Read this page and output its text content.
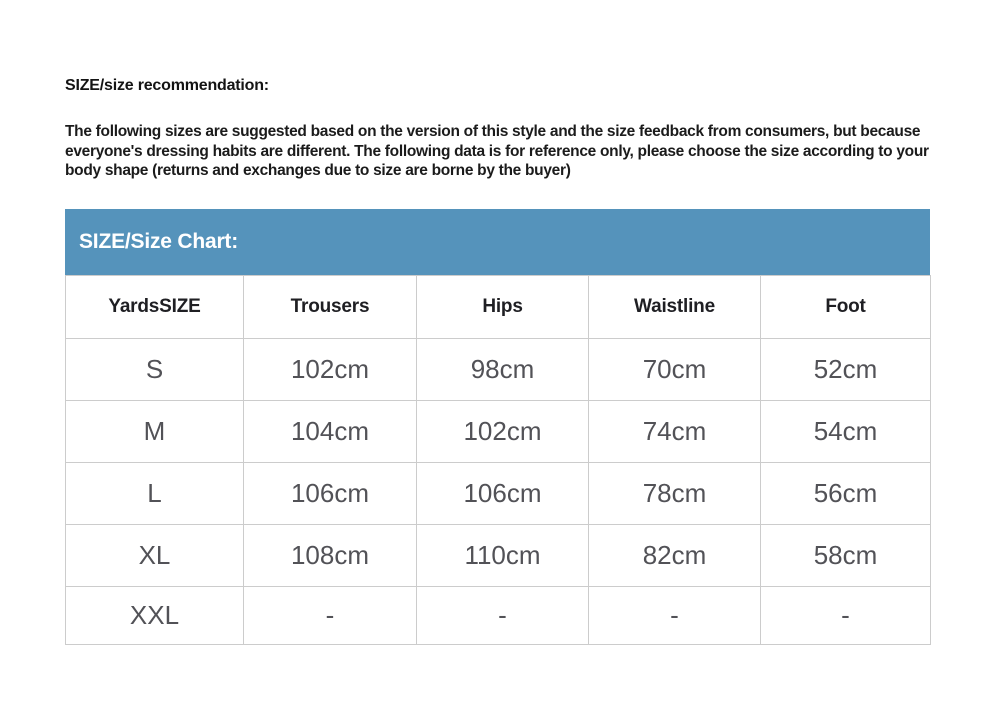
SIZE/size recommendation:

The following sizes are suggested based on the version of this style and the size feedback from consumers, but because everyone's dressing habits are different. The following data is for reference only, please choose the size according to your body shape (returns and exchanges due to size are borne by the buyer)

SIZE/Size Chart:
YardsSIZE	Trousers	Hips	Waistline	Foot
S	102cm	98cm	70cm	52cm
M	104cm	102cm	74cm	54cm
L	106cm	106cm	78cm	56cm
XL	108cm	110cm	82cm	58cm
XXL	-	-	-	-
